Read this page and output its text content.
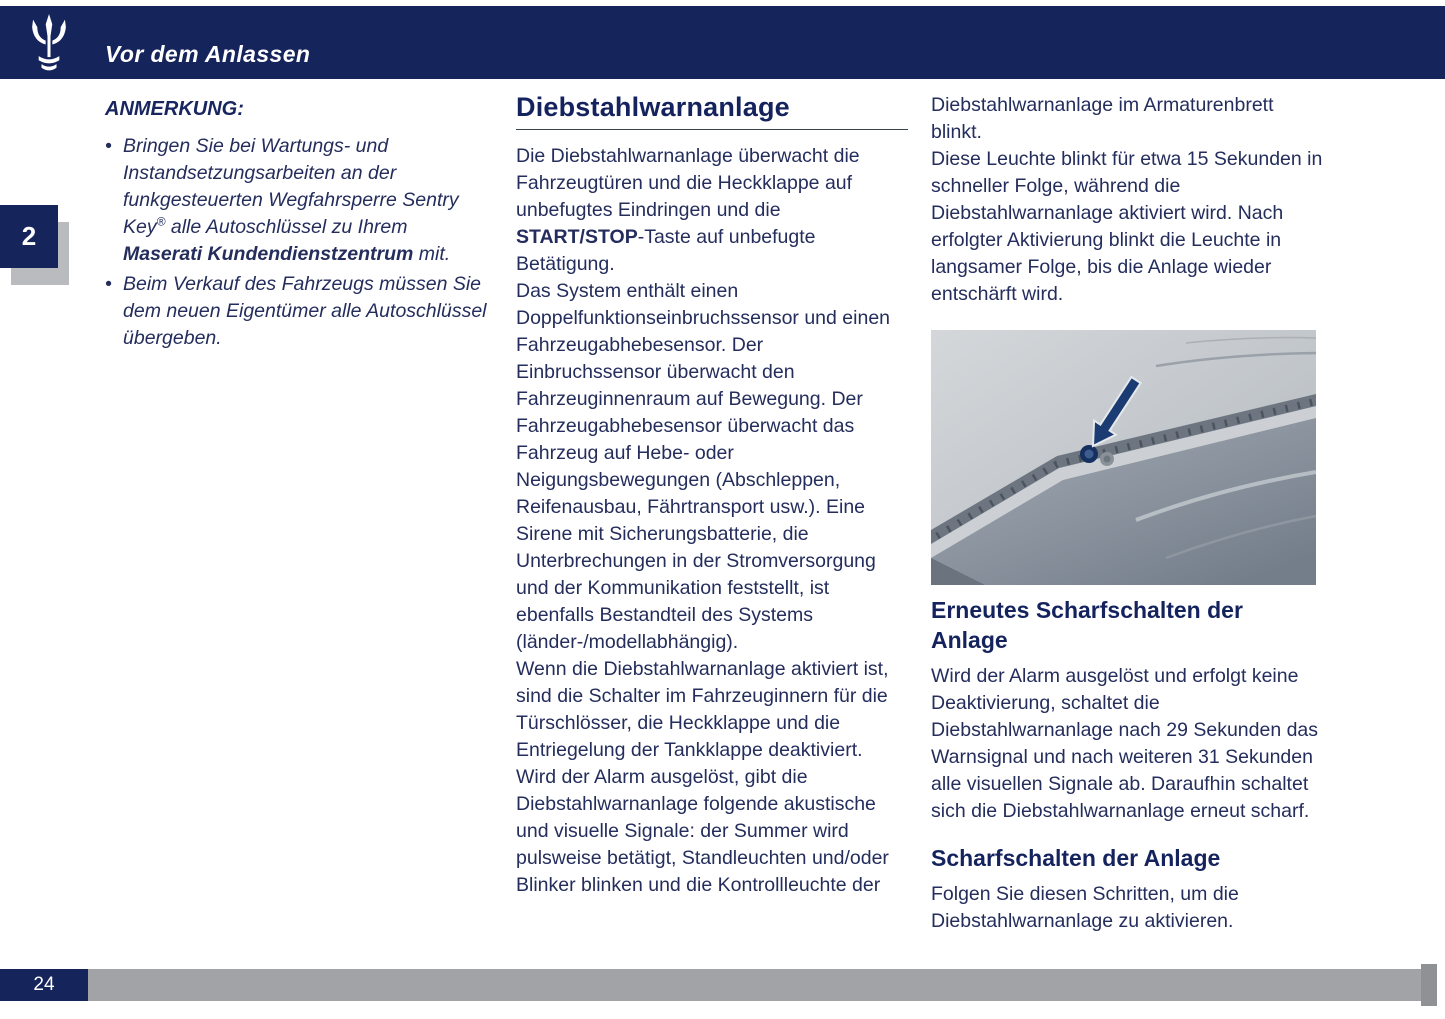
Vor dem Anlassen
2
ANMERKUNG:
• Bringen Sie bei Wartungs- und Instandsetzungsarbeiten an der funkgesteuerten Wegfahrsperre Sentry Key® alle Autoschlüssel zu Ihrem Maserati Kundendienstzentrum mit.
• Beim Verkauf des Fahrzeugs müssen Sie dem neuen Eigentümer alle Autoschlüssel übergeben.
Diebstahlwarnanlage

Die Diebstahlwarnanlage überwacht die Fahrzeugtüren und die Heckklappe auf unbefugtes Eindringen und die START/STOP-Taste auf unbefugte Betätigung.

Das System enthält einen Doppelfunktionseinbruchssensor und einen Fahrzeugabhebesensor. Der Einbruchssensor überwacht den Fahrzeuginnenraum auf Bewegung. Der Fahrzeugabhebesensor überwacht das Fahrzeug auf Hebe- oder Neigungsbewegungen (Abschleppen, Reifenausbau, Fährtransport usw.). Eine Sirene mit Sicherungsbatterie, die Unterbrechungen in der Stromversorgung und der Kommunikation feststellt, ist ebenfalls Bestandteil des Systems (länder-/modellabhängig).

Wenn die Diebstahlwarnanlage aktiviert ist, sind die Schalter im Fahrzeuginnern für die Türschlösser, die Heckklappe und die Entriegelung der Tankklappe deaktiviert. Wird der Alarm ausgelöst, gibt die Diebstahlwarnanlage folgende akustische und visuelle Signale: der Summer wird pulsweise betätigt, Standleuchten und/oder Blinker blinken und die Kontrollleuchte der

Diebstahlwarnanlage im Armaturenbrett blinkt.

Diese Leuchte blinkt für etwa 15 Sekunden in schneller Folge, während die Diebstahlwarnanlage aktiviert wird. Nach erfolgter Aktivierung blinkt die Leuchte in langsamer Folge, bis die Anlage wieder entschärft wird.

Erneutes Scharfschalten der Anlage

Wird der Alarm ausgelöst und erfolgt keine Deaktivierung, schaltet die Diebstahlwarnanlage nach 29 Sekunden das Warnsignal und nach weiteren 31 Sekunden alle visuellen Signale ab. Daraufhin schaltet sich die Diebstahlwarnanlage erneut scharf.

Scharfschalten der Anlage

Folgen Sie diesen Schritten, um die Diebstahlwarnanlage zu aktivieren.

24
